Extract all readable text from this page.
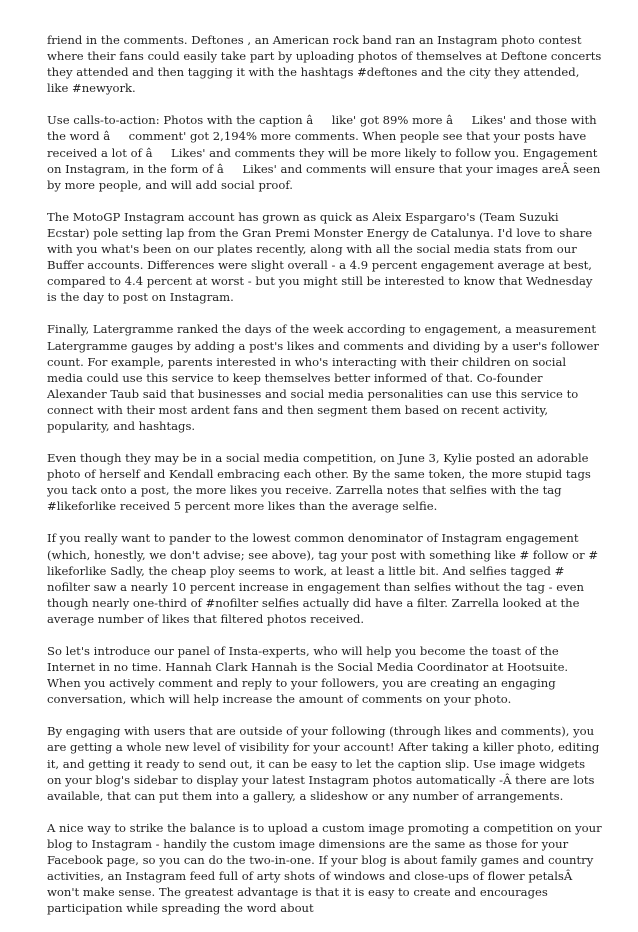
friend in the comments. Deftones , an American rock band ran an Instagram photo contest where their fans could easily take part by uploading photos of themselves at Deftone concerts they attended and then tagging it with the hashtags #deftones and the city they attended, like #newyork.

Use calls-to-action: Photos with the caption âlike' got 89% more âLikes' and those with the word âcomment' got 2,194% more comments. When people see that your posts have received a lot of âLikes' and comments they will be more likely to follow you. Engagement on Instagram, in the form of âLikes' and comments will ensure that your images areÂ seen by more people, and will add social proof.

The MotoGP Instagram account has grown as quick as Aleix Espargaro's (Team Suzuki Ecstar) pole setting lap from the Gran Premi Monster Energy de Catalunya. I'd love to share with you what's been on our plates recently, along with all the social media stats from our Buffer accounts. Differences were slight overall - a 4.9 percent engagement average at best, compared to 4.4 percent at worst - but you might still be interested to know that Wednesday is the day to post on Instagram.

Finally, Latergramme ranked the days of the week according to engagement, a measurement Latergramme gauges by adding a post's likes and comments and dividing by a user's follower count. For example, parents interested in who's interacting with their children on social media could use this service to keep themselves better informed of that. Co-founder Alexander Taub said that businesses and social media personalities can use this service to connect with their most ardent fans and then segment them based on recent activity, popularity, and hashtags.

Even though they may be in a social media competition, on June 3, Kylie posted an adorable photo of herself and Kendall embracing each other. By the same token, the more stupid tags you tack onto a post, the more likes you receive. Zarrella notes that selfies with the tag #likeforlike received 5 percent more likes than the average selfie.

If you really want to pander to the lowest common denominator of Instagram engagement (which, honestly, we don't advise; see above), tag your post with something like # follow or # likeforlike Sadly, the cheap ploy seems to work, at least a little bit. And selfies tagged # nofilter saw a nearly 10 percent increase in engagement than selfies without the tag - even though nearly one-third of #nofilter selfies actually did have a filter. Zarrella looked at the average number of likes that filtered photos received.

So let's introduce our panel of Insta-experts, who will help you become the toast of the Internet in no time. Hannah Clark Hannah is the Social Media Coordinator at Hootsuite. When you actively comment and reply to your followers, you are creating an engaging conversation, which will help increase the amount of comments on your photo.

By engaging with users that are outside of your following (through likes and comments), you are getting a whole new level of visibility for your account! After taking a killer photo, editing it, and getting it ready to send out, it can be easy to let the caption slip. Use image widgets on your blog's sidebar to display your latest Instagram photos automatically -Â there are lots available, that can put them into a gallery, a slideshow or any number of arrangements.

A nice way to strike the balance is to upload a custom image promoting a competition on your blog to Instagram - handily the custom image dimensions are the same as those for your Facebook page, so you can do the two-in-one. If your blog is about family games and country activities, an Instagram feed full of arty shots of windows and close-ups of flower petalsÂ won't make sense. The greatest advantage is that it is easy to create and encourages participation while spreading the word about
